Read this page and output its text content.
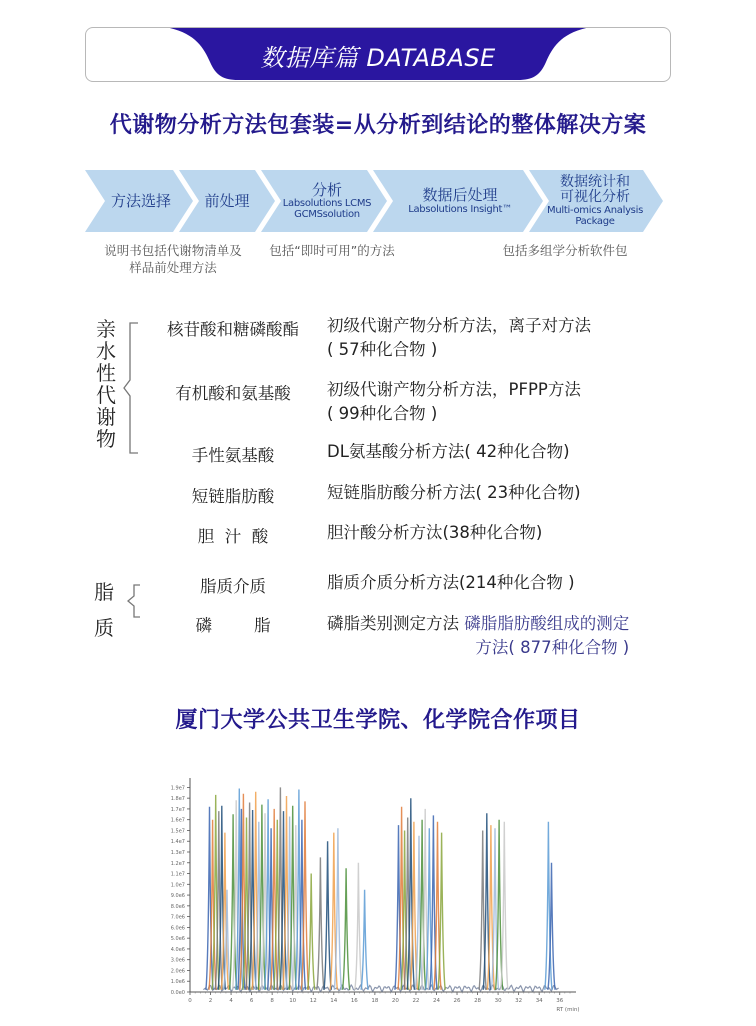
数据库篇 DATABASE
代谢物分析方法包套装=从分析到结论的整体解决方案
方法选择 前处理
分析
Labsolutions LCMS
GCMSsolution
数据后处理
Labsolutions Insight™
数据统计和
可视化分析
Multi-omics Analysis
Package
说明书包括代谢物清单及
样品前处理方法
包括“即时可用”的方法	包括多组学分析软件包
亲水性代谢物
核苷酸和糖磷酸酯	初级代谢产物分析方法，离子对方法
( 57种化合物 )
有机酸和氨基酸	初级代谢产物分析方法，PFPP方法
( 99种化合物 )
手性氨基酸	DL氨基酸分析方法( 42种化合物)
短链脂肪酸	短链脂肪酸分析方法( 23种化合物)
胆  汁  酸	胆汁酸分析方汰(38种化合物)
脂质
脂质介质	脂质介质分析方法(214种化合物 )
磷        脂	磷脂类别测定方法 磷脂脂肪酸组成的测定
方法( 877种化合物 )
厦门大学公共卫生学院、化学院合作项目
0.0e0
1.0e6
2.0e6
3.0e6
4.0e6
5.0e6
6.0e6
7.0e6
8.0e6
9.0e6
1.0e7
1.1e7
1.2e7
1.3e7
1.4e7
1.5e7
1.6e7
1.7e7
1.8e7
1.9e7
0	2	4	6	8	10 12 14 16 18 20 22 24 26 28 30 32 34 36
RT (min)
